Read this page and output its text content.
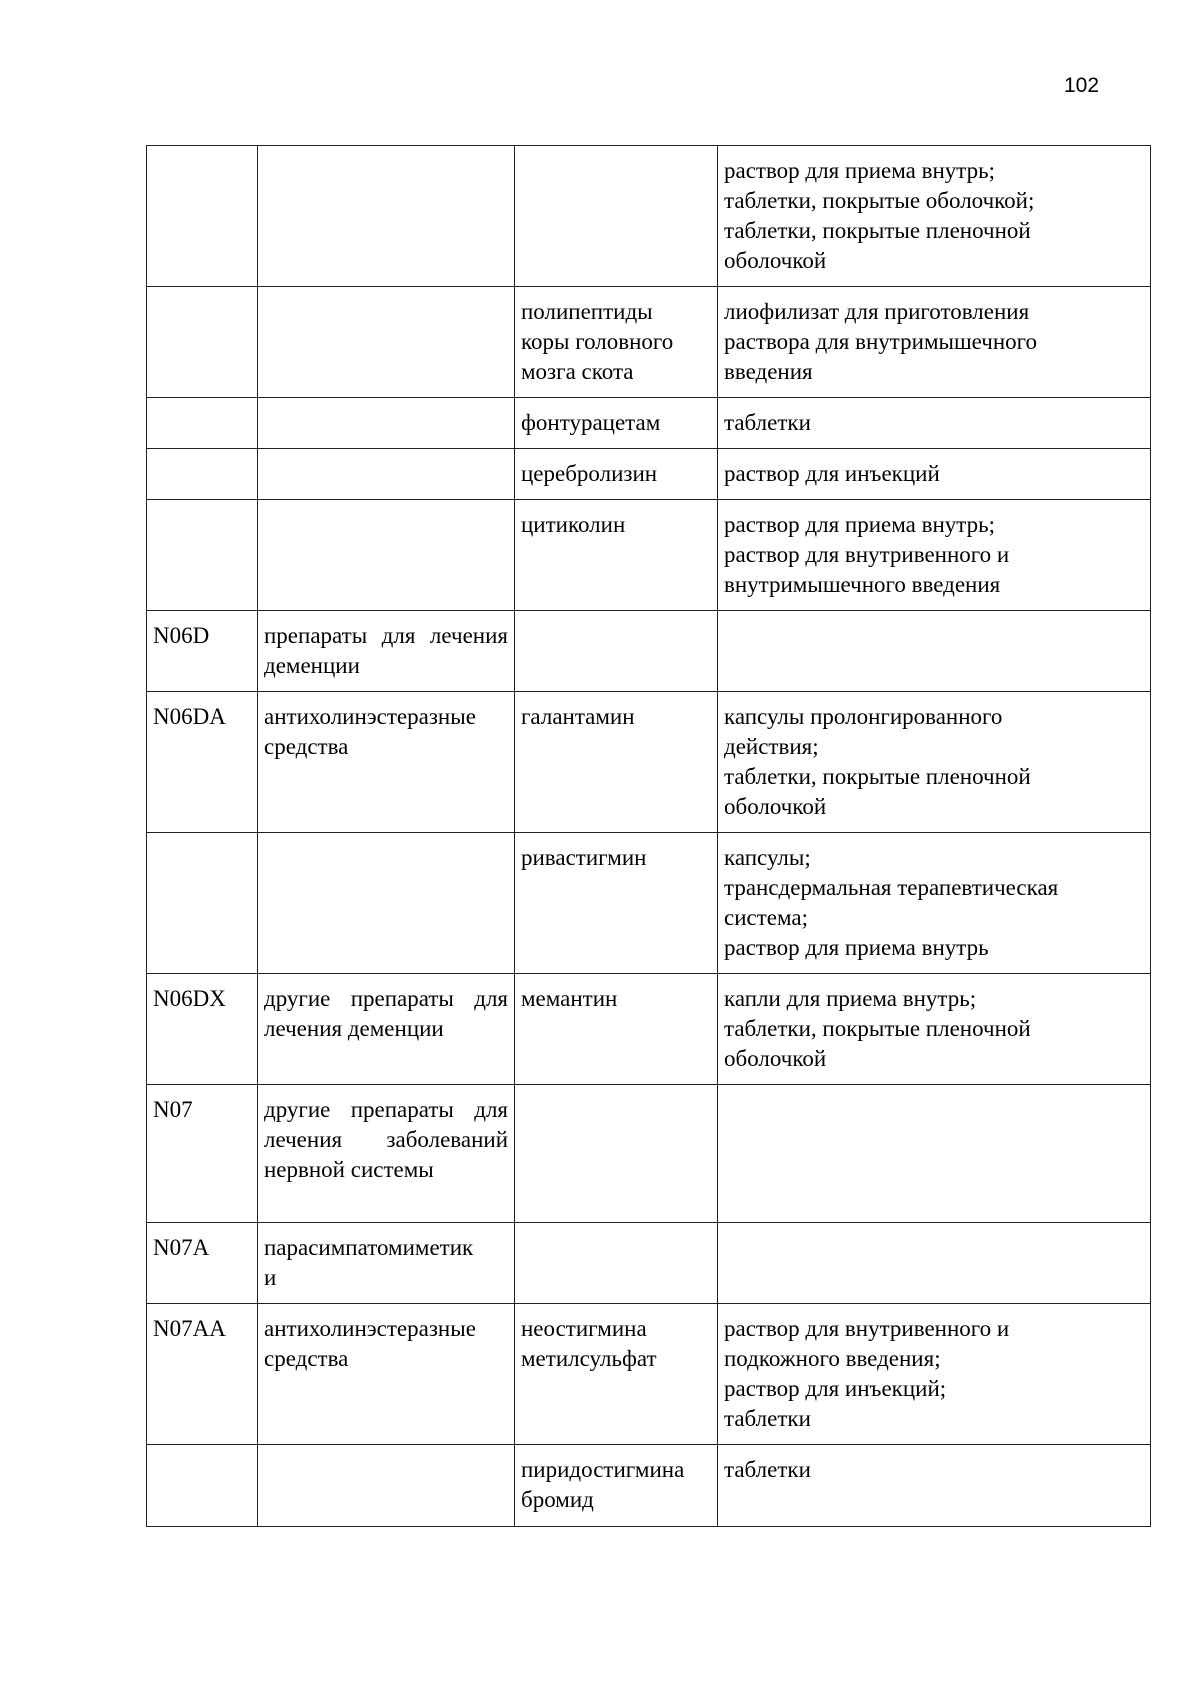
102
			раствор для приема внутрь;
таблетки, покрытые оболочкой;
таблетки, покрытые пленочной
оболочкой
		полипептиды
коры головного
мозга скота	лиофилизат для приготовления
раствора для внутримышечного
введения
		фонтурацетам	таблетки
		церебролизин	раствор для инъекций
		цитиколин	раствор для приема внутрь;
раствор для внутривенного и
внутримышечного введения
N06D	препараты для лечения деменции		
N06DA	антихолинэстеразные средства	галантамин	капсулы пролонгированного
действия;
таблетки, покрытые пленочной
оболочкой
		ривастигмин	капсулы;
трансдермальная терапевтическая
система;
раствор для приема внутрь
N06DX	другие препараты для лечения деменции	мемантин	капли для приема внутрь;
таблетки, покрытые пленочной
оболочкой
N07	другие препараты для лечения заболеваний нервной системы		
N07A	парасимпатомиметик
и		
N07AA	антихолинэстеразные средства	неостигмина
метилсульфат	раствор для внутривенного и
подкожного введения;
раствор для инъекций;
таблетки
		пиридостигмина
бромид	таблетки
